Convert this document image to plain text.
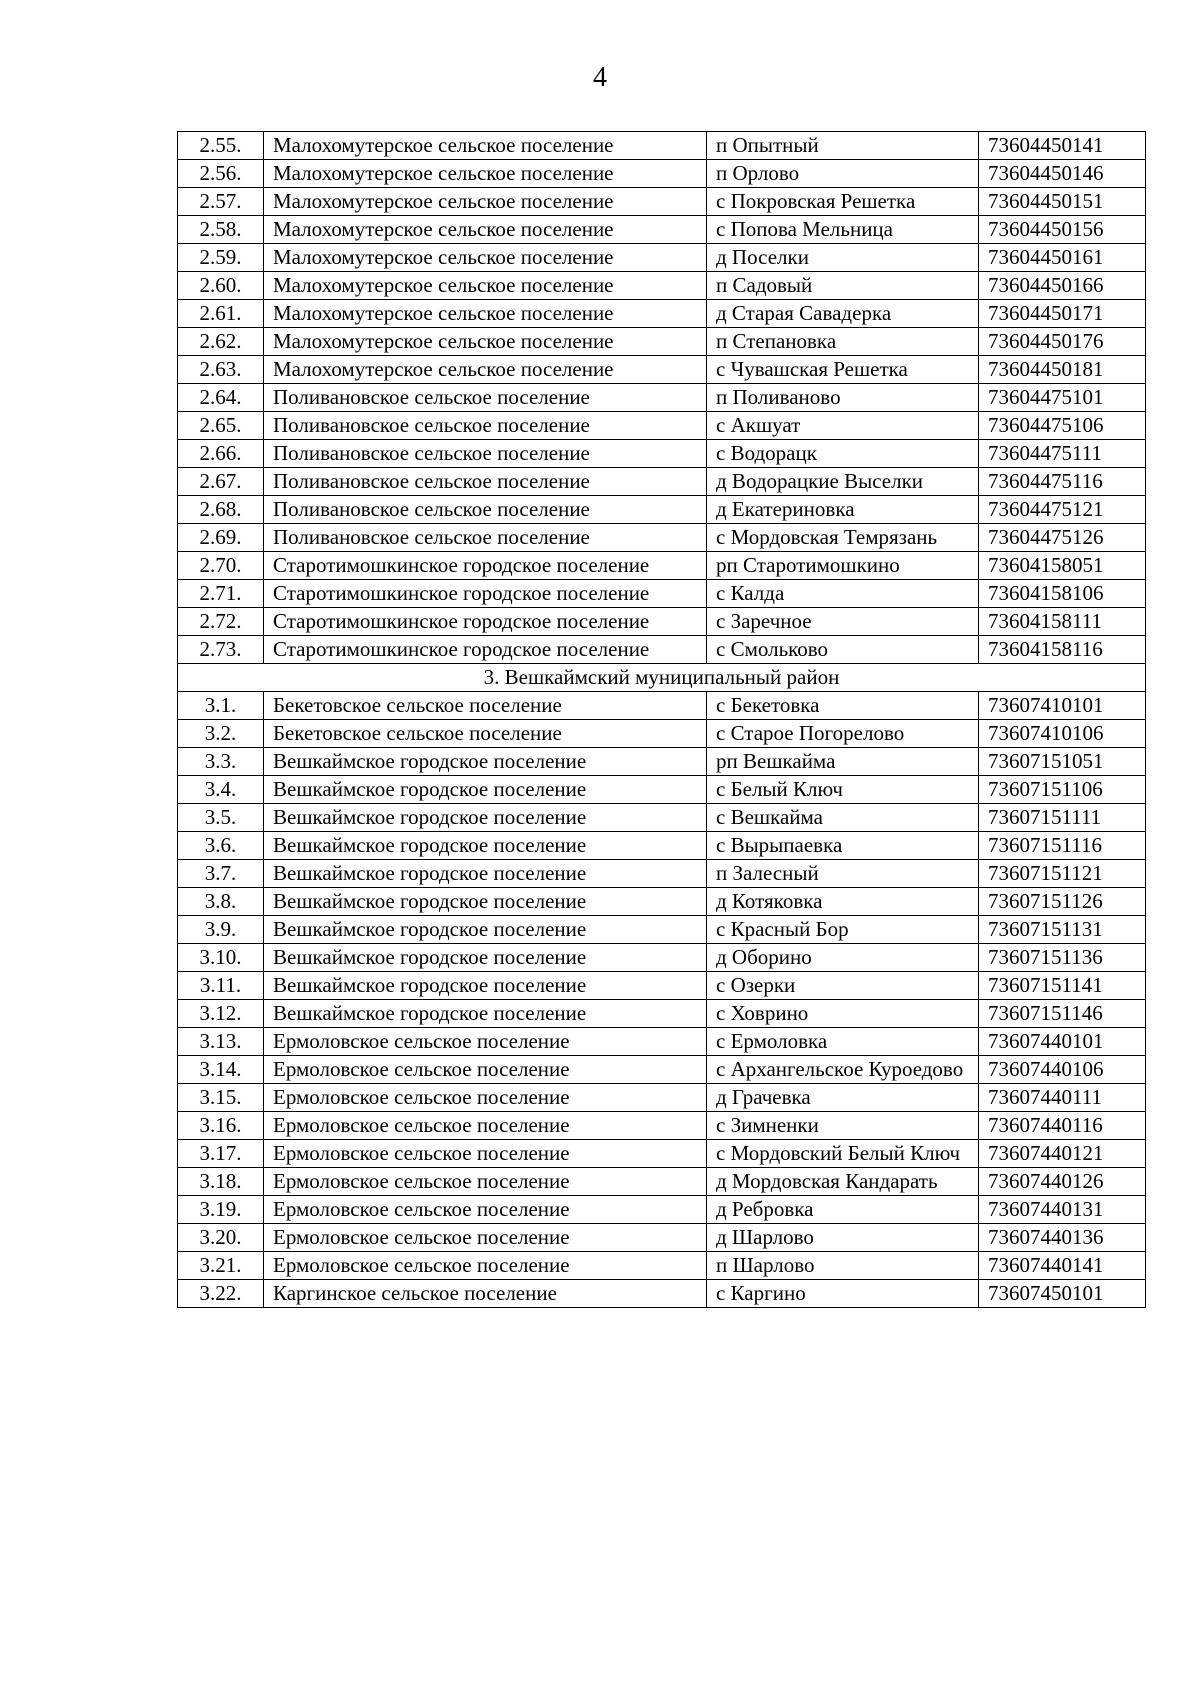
4
2.55.	Малохомутерское сельское поселение	п Опытный	73604450141
2.56.	Малохомутерское сельское поселение	п Орлово	73604450146
2.57.	Малохомутерское сельское поселение	с Покровская Решетка	73604450151
2.58.	Малохомутерское сельское поселение	с Попова Мельница	73604450156
2.59.	Малохомутерское сельское поселение	д Поселки	73604450161
2.60.	Малохомутерское сельское поселение	п Садовый	73604450166
2.61.	Малохомутерское сельское поселение	д Старая Савадерка	73604450171
2.62.	Малохомутерское сельское поселение	п Степановка	73604450176
2.63.	Малохомутерское сельское поселение	с Чувашская Решетка	73604450181
2.64.	Поливановское сельское поселение	п Поливаново	73604475101
2.65.	Поливановское сельское поселение	с Акшуат	73604475106
2.66.	Поливановское сельское поселение	с Водорацк	73604475111
2.67.	Поливановское сельское поселение	д Водорацкие Выселки	73604475116
2.68.	Поливановское сельское поселение	д Екатериновка	73604475121
2.69.	Поливановское сельское поселение	с Мордовская Темрязань	73604475126
2.70.	Старотимошкинское городское поселение	рп Старотимошкино	73604158051
2.71.	Старотимошкинское городское поселение	с Калда	73604158106
2.72.	Старотимошкинское городское поселение	с Заречное	73604158111
2.73.	Старотимошкинское городское поселение	с Смольково	73604158116
3. Вешкаймский муниципальный район			
3.1.	Бекетовское сельское поселение	с Бекетовка	73607410101
3.2.	Бекетовское сельское поселение	с Старое Погорелово	73607410106
3.3.	Вешкаймское городское поселение	рп Вешкайма	73607151051
3.4.	Вешкаймское городское поселение	с Белый Ключ	73607151106
3.5.	Вешкаймское городское поселение	с Вешкайма	73607151111
3.6.	Вешкаймское городское поселение	с Вырыпаевка	73607151116
3.7.	Вешкаймское городское поселение	п Залесный	73607151121
3.8.	Вешкаймское городское поселение	д Котяковка	73607151126
3.9.	Вешкаймское городское поселение	с Красный Бор	73607151131
3.10.	Вешкаймское городское поселение	д Оборино	73607151136
3.11.	Вешкаймское городское поселение	с Озерки	73607151141
3.12.	Вешкаймское городское поселение	с Ховрино	73607151146
3.13.	Ермоловское сельское поселение	с Ермоловка	73607440101
3.14.	Ермоловское сельское поселение	с Архангельское Куроедово	73607440106
3.15.	Ермоловское сельское поселение	д Грачевка	73607440111
3.16.	Ермоловское сельское поселение	с Зимненки	73607440116
3.17.	Ермоловское сельское поселение	с Мордовский Белый Ключ	73607440121
3.18.	Ермоловское сельское поселение	д Мордовская Кандарать	73607440126
3.19.	Ермоловское сельское поселение	д Ребровка	73607440131
3.20.	Ермоловское сельское поселение	д Шарлово	73607440136
3.21.	Ермоловское сельское поселение	п Шарлово	73607440141
3.22.	Каргинское сельское поселение	с Каргино	73607450101
